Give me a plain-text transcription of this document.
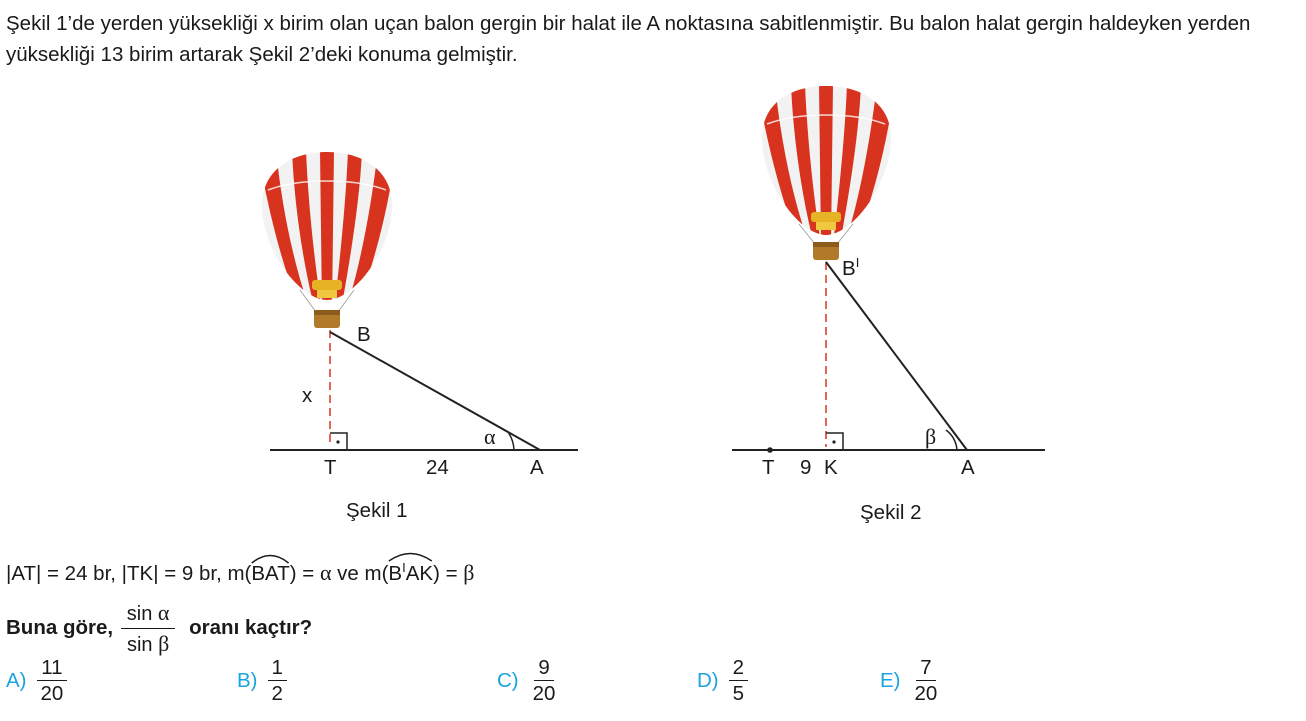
Şekil 1’de yerden yüksekliği x birim olan uçan balon gergin bir halat ile A noktasına sabitlenmiştir. Bu balon halat gergin haldeyken yerden yüksekliği 13 birim artarak Şekil 2’deki konuma gelmiştir.

B
x
α
T	24	A
Şekil 1
$B^I$
β
T 9 K	A
Şekil 2
|AT| = 24 br, |TK| = 9 br, m(
BAT) = α ve m(
$B^IAK) = \beta$
Buna göre, $\frac{\text{sin α}}{\text{sin β}}$ oranı kaçtır?
$A) \frac{11}{20}$	$B) \frac{1}{2}$	$C) \frac{9}{20}$	$D) \frac{2}{5}$	$E) \frac{7}{20}$
